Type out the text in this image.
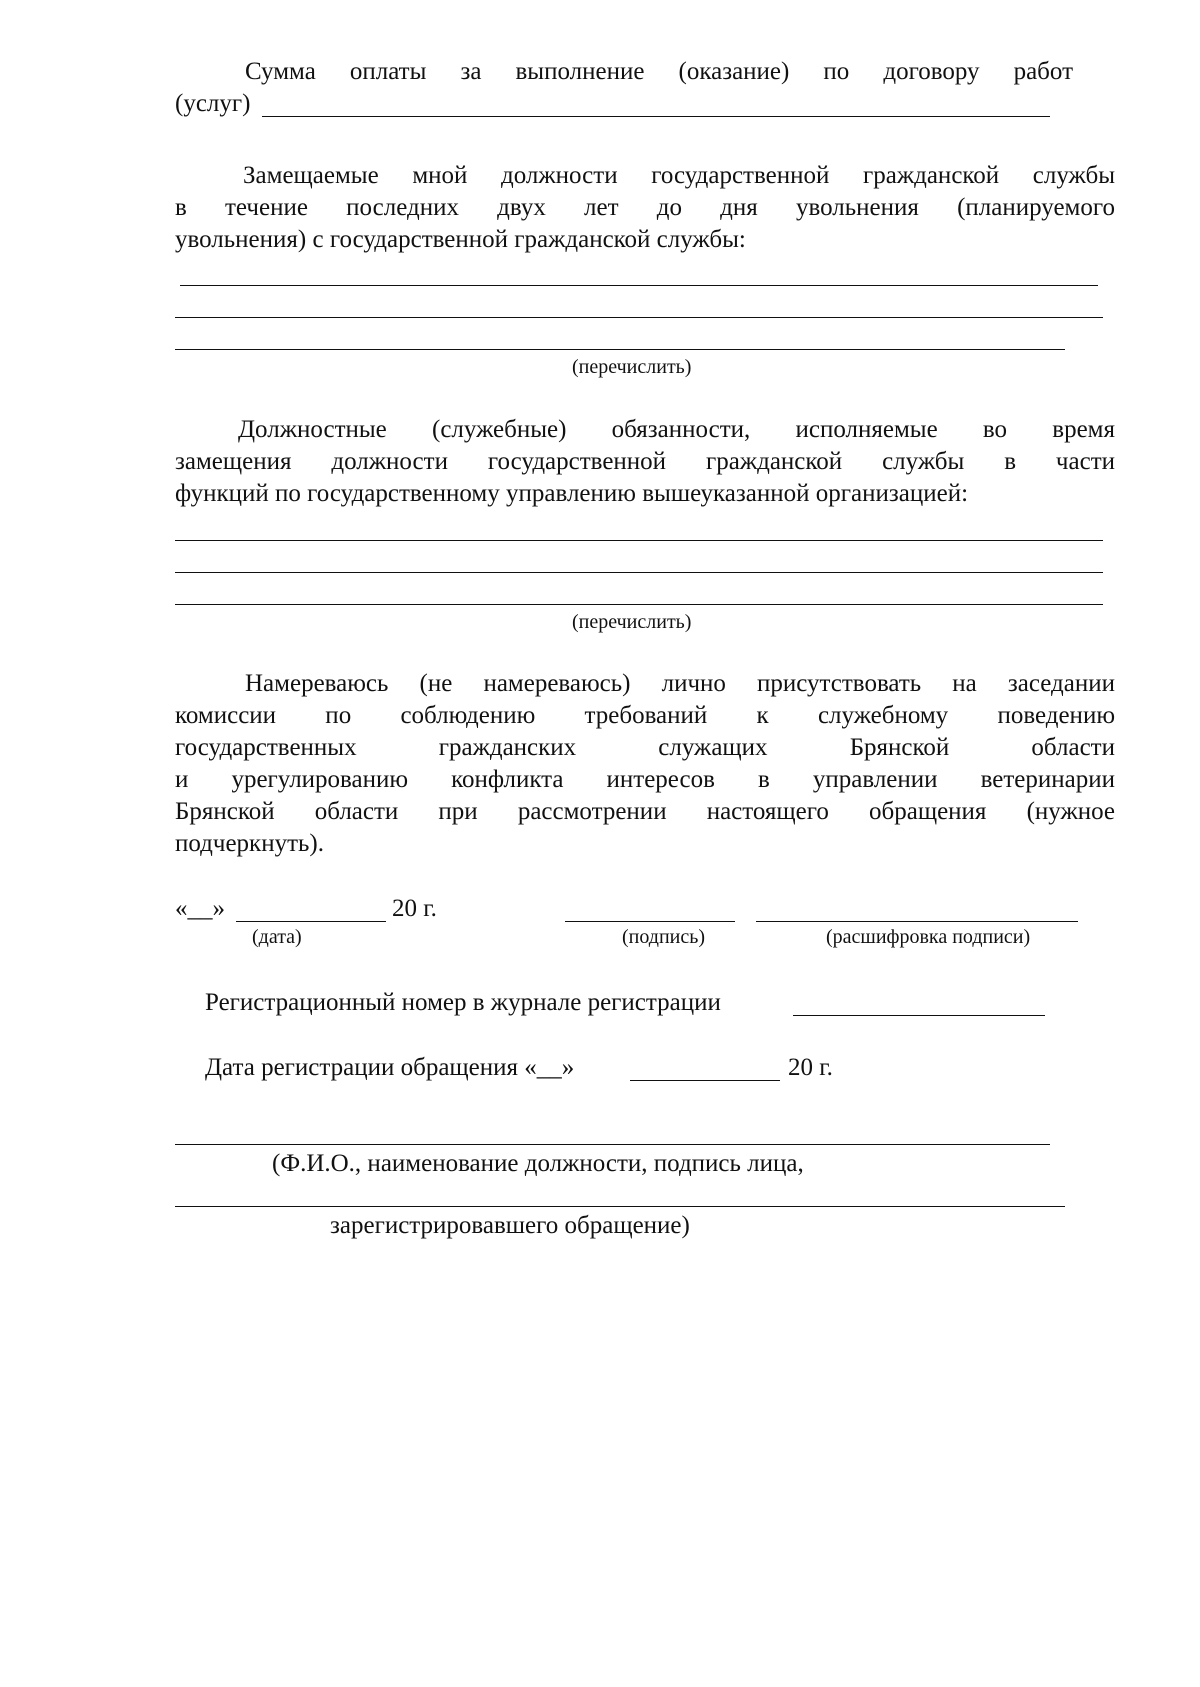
Сумма оплаты за выполнение (оказание) по договору работ
(услуг)
Замещаемые мной должности государственной гражданской службы
в течение последних двух лет до дня увольнения (планируемого
увольнения) с государственной гражданской службы:
(перечислить)
Должностные (служебные) обязанности, исполняемые во время
замещения должности государственной гражданской службы в части
функций по государственному управлению вышеуказанной организацией:
(перечислить)
Намереваюсь (не намереваюсь) лично присутствовать на заседании
комиссии по соблюдению требований к служебному поведению
государственных гражданских служащих Брянской области
и урегулированию конфликта интересов в управлении ветеринарии
Брянской области при рассмотрении настоящего обращения (нужное
подчеркнуть).
«__»	20 г.
(дата)	(подпись)	(расшифровка подписи)
Регистрационный номер в журнале регистрации
Дата регистрации обращения «__»	20 г.
(Ф.И.О., наименование должности, подпись лица,
зарегистрировавшего обращение)
